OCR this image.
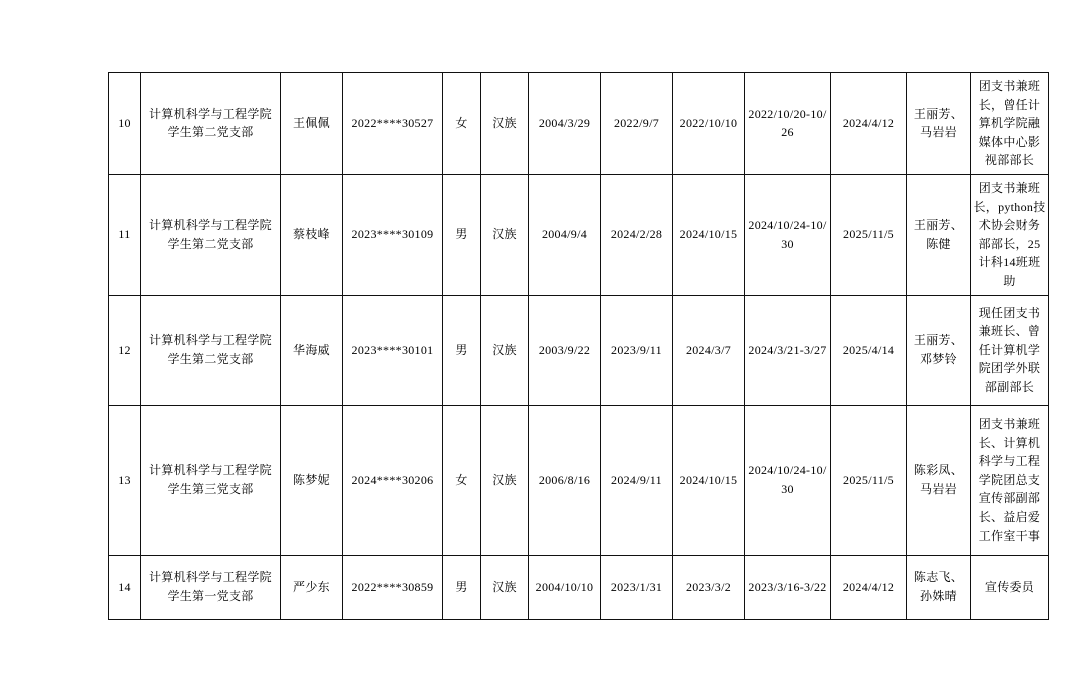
10	计算机科学与工程学院学生第二党支部	王佩佩	2022****30527	女	汉族	2004/3/29	2022/9/7	2022/10/10	2022/10/20-10/26	2024/4/12	王丽芳、马岩岩	团支书兼班长，曾任计算机学院融媒体中心影视部部长
11	计算机科学与工程学院学生第二党支部	蔡枝峰	2023****30109	男	汉族	2004/9/4	2024/2/28	2024/10/15	2024/10/24-10/30	2025/11/5	王丽芳、陈健	团支书兼班长，python技术协会财务部部长，25计科14班班助
12	计算机科学与工程学院学生第二党支部	华海威	2023****30101	男	汉族	2003/9/22	2023/9/11	2024/3/7	2024/3/21-3/27	2025/4/14	王丽芳、邓梦铃	现任团支书兼班长、曾任计算机学院团学外联部副部长
13	计算机科学与工程学院学生第三党支部	陈梦妮	2024****30206	女	汉族	2006/8/16	2024/9/11	2024/10/15	2024/10/24-10/30	2025/11/5	陈彩凤、马岩岩	团支书兼班长、计算机科学与工程学院团总支宣传部副部长、益启爱工作室干事
14	计算机科学与工程学院学生第一党支部	严少东	2022****30859	男	汉族	2004/10/10	2023/1/31	2023/3/2	2023/3/16-3/22	2024/4/12	陈志飞、孙姝晴	宣传委员
